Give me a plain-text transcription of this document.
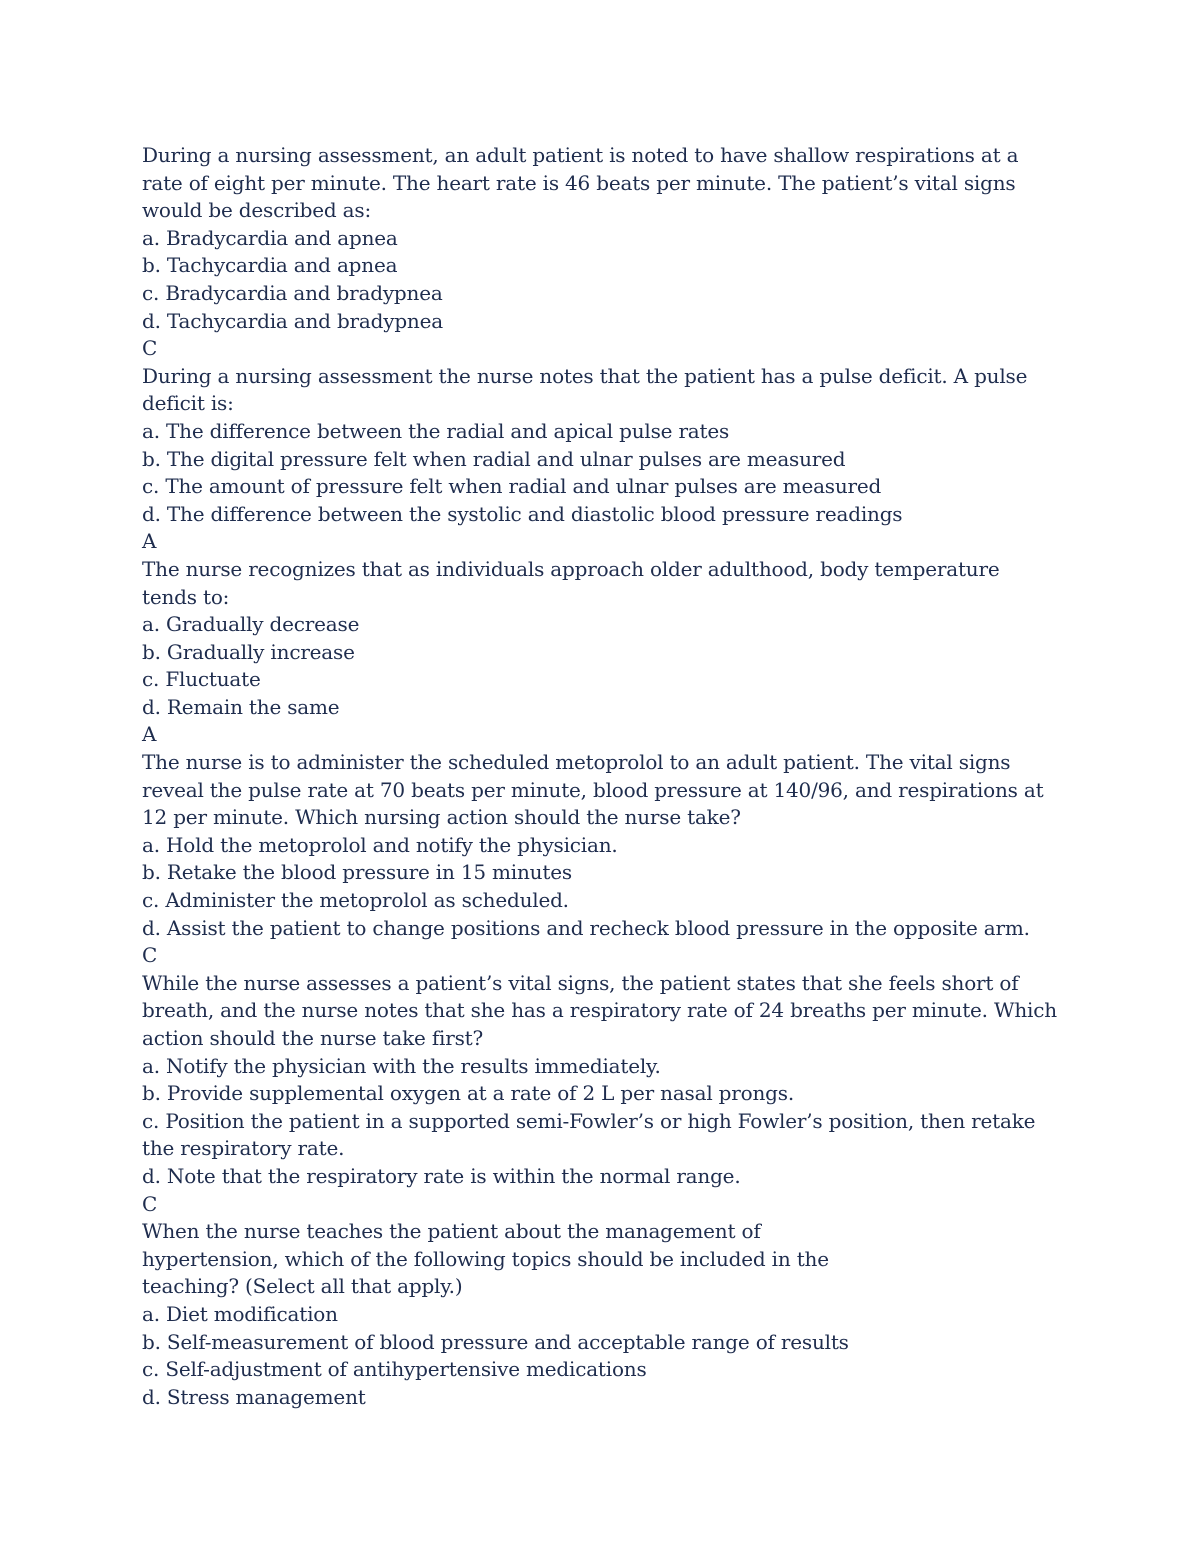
During a nursing assessment, an adult patient is noted to have shallow respirations at a

rate of eight per minute. The heart rate is 46 beats per minute. The patient’s vital signs

would be described as:

a. Bradycardia and apnea

b. Tachycardia and apnea

c. Bradycardia and bradypnea

d. Tachycardia and bradypnea

C

During a nursing assessment the nurse notes that the patient has a pulse deficit. A pulse

deficit is:

a. The difference between the radial and apical pulse rates

b. The digital pressure felt when radial and ulnar pulses are measured

c. The amount of pressure felt when radial and ulnar pulses are measured

d. The difference between the systolic and diastolic blood pressure readings

A

The nurse recognizes that as individuals approach older adulthood, body temperature

tends to:

a. Gradually decrease

b. Gradually increase

c. Fluctuate

d. Remain the same

A

The nurse is to administer the scheduled metoprolol to an adult patient. The vital signs

reveal the pulse rate at 70 beats per minute, blood pressure at 140/96, and respirations at

12 per minute. Which nursing action should the nurse take?

a. Hold the metoprolol and notify the physician.

b. Retake the blood pressure in 15 minutes

c. Administer the metoprolol as scheduled.

d. Assist the patient to change positions and recheck blood pressure in the opposite arm.

C

While the nurse assesses a patient’s vital signs, the patient states that she feels short of

breath, and the nurse notes that she has a respiratory rate of 24 breaths per minute. Which

action should the nurse take first?

a. Notify the physician with the results immediately.

b. Provide supplemental oxygen at a rate of 2 L per nasal prongs.

c. Position the patient in a supported semi-Fowler’s or high Fowler’s position, then retake

the respiratory rate.

d. Note that the respiratory rate is within the normal range.

C

When the nurse teaches the patient about the management of

hypertension, which of the following topics should be included in the

teaching? (Select all that apply.)

a. Diet modification

b. Self-measurement of blood pressure and acceptable range of results

c. Self-adjustment of antihypertensive medications

d. Stress management
